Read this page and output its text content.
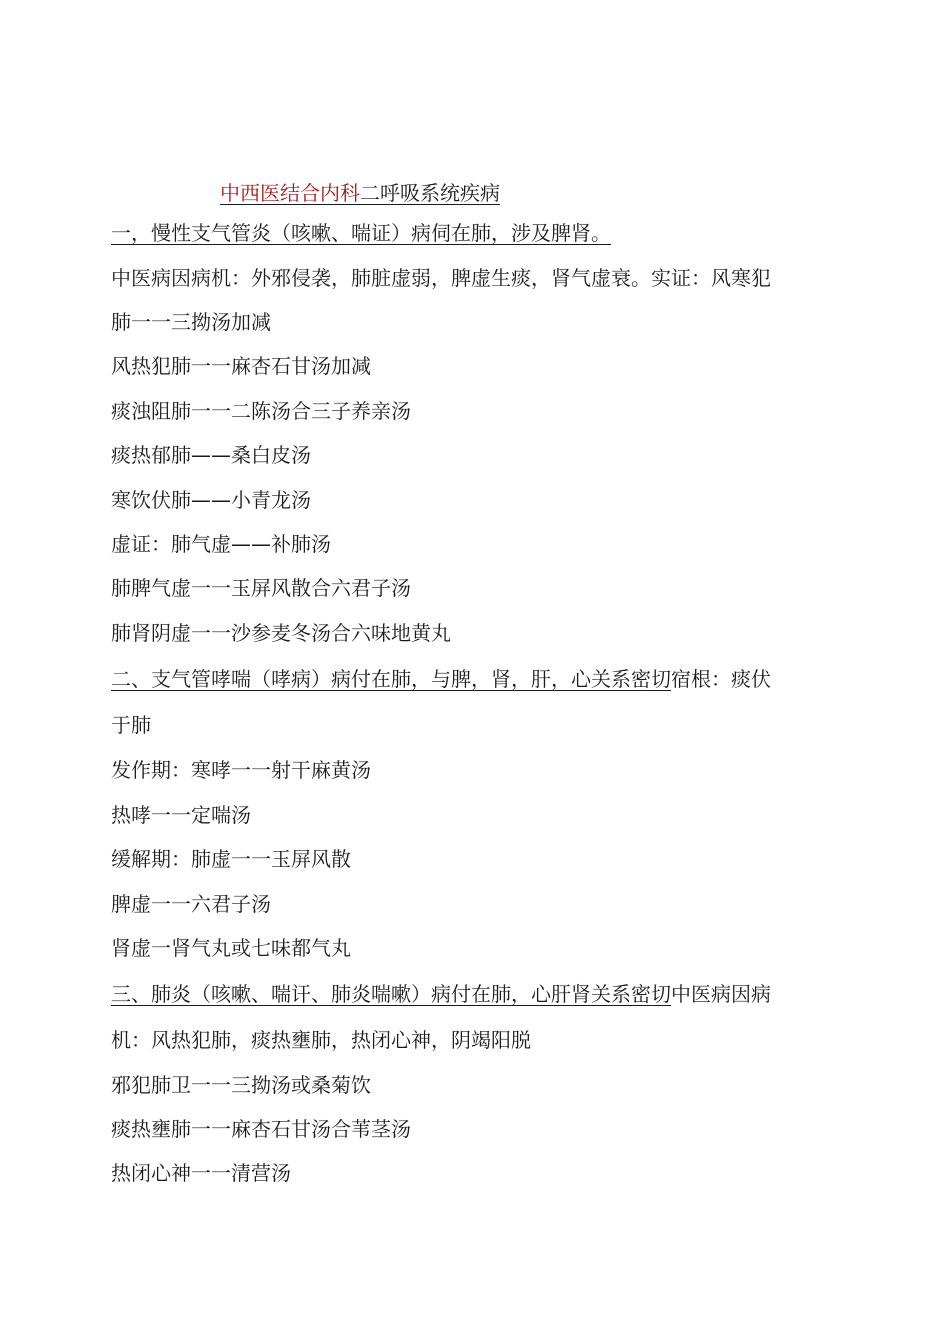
中西医结合内科二呼吸系统疾病
一，慢性支气管炎（咳嗽、喘证）病伺在肺，涉及脾肾。
中医病因病机：外邪侵袭，肺脏虚弱，脾虚生痰，肾气虚衰。实证：风寒犯
肺一一三拗汤加减
风热犯肺一一麻杏石甘汤加减
痰浊阻肺一一二陈汤合三子养亲汤
痰热郁肺——桑白皮汤
寒饮伏肺——小青龙汤
虚证：肺气虚——补肺汤
肺脾气虚一一玉屏风散合六君子汤
肺肾阴虚一一沙参麦冬汤合六味地黄丸
二、支气管哮喘（哮病）病付在肺，与脾，肾，肝，心关系密切宿根：痰伏
于肺
发作期：寒哮一一射干麻黄汤
热哮一一定喘汤
缓解期：肺虚一一玉屏风散
脾虚一一六君子汤
肾虚一肾气丸或七味都气丸
三、肺炎（咳嗽、喘讦、肺炎喘嗽）病付在肺，心肝肾关系密切中医病因病
机：风热犯肺，痰热壅肺，热闭心神，阴竭阳脱
邪犯肺卫一一三拗汤或桑菊饮
痰热壅肺一一麻杏石甘汤合苇茎汤
热闭心神一一清营汤
